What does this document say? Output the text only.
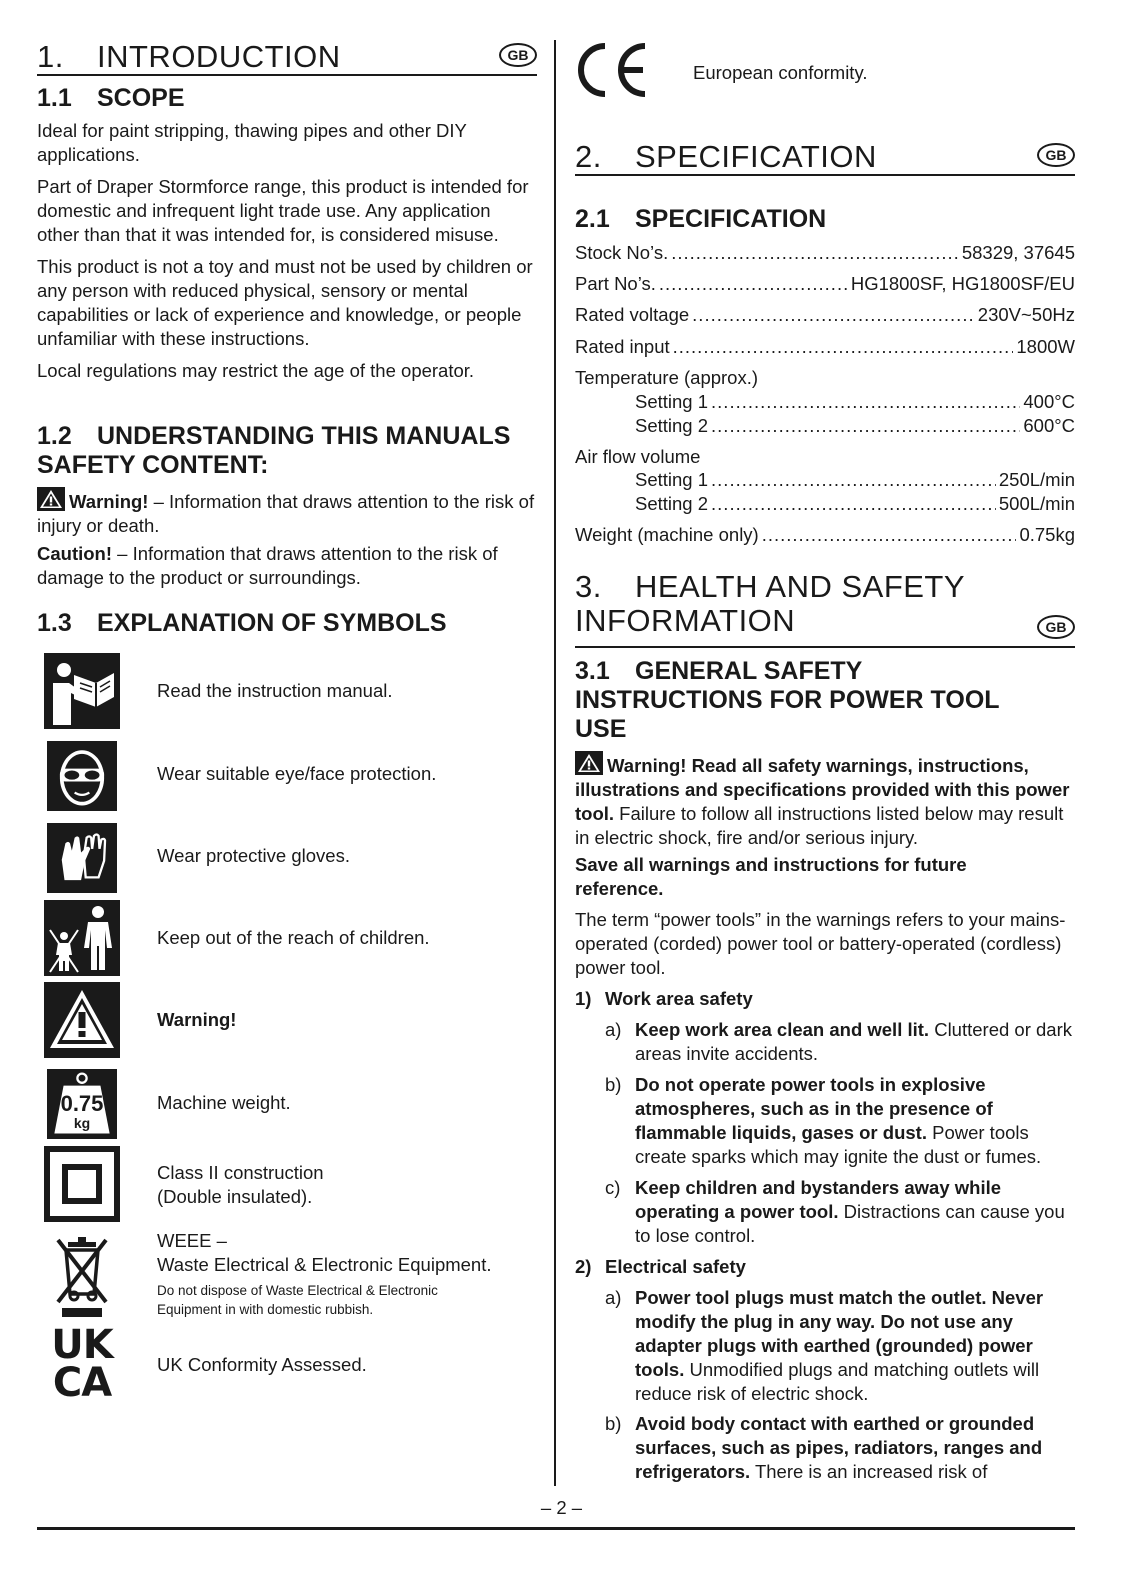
1. INTRODUCTION	GB
1.1 SCOPE

Ideal for paint stripping, thawing pipes and other DIY applications.

Part of Draper Stormforce range, this product is intended for domestic and infrequent light trade use. Any application other than that it was intended for, is considered misuse.

This product is not a toy and must not be used by children or any person with reduced physical, sensory or mental capabilities or lack of experience and knowledge, or people unfamiliar with these instructions.

Local regulations may restrict the age of the operator.

1.2 UNDERSTANDING THIS MANUALS
SAFETY CONTENT:

Warning! – Information that draws attention to the risk of injury or death.

Caution! – Information that draws attention to the risk of damage to the product or surroundings.

1.3 EXPLANATION OF SYMBOLS
Read the instruction manual.
Wear suitable eye/face protection.
Wear protective gloves.
Keep out of the reach of children.
Warning!
0.75
kg
Machine weight.
Class II construction
(Double insulated).
WEEE –
Waste Electrical & Electronic Equipment.
Do not dispose of Waste Electrical & Electronic Equipment in with domestic rubbish.
UK
CA UK Conformity Assessed.
European conformity.
2. SPECIFICATION	GB
2.1 SPECIFICATION
Stock No’s. .....	58329, 37645
Part No’s. .....	HG1800SF, HG1800SF/EU
Rated voltage .....	230V~50Hz
Rated input .....	1800W
Temperature (approx.)
Setting 1 .....	400°C
Setting 2 .....	600°C
Air flow volume
Setting 1 .....	250L/min
Setting 2 .....	500L/min
Weight (machine only) .....	0.75kg
3. HEALTH AND SAFETY
INFORMATION	GB
3.1 GENERAL SAFETY
INSTRUCTIONS FOR POWER TOOL
USE

Warning! Read all safety warnings, instructions, illustrations and specifications provided with this power tool. Failure to follow all instructions listed below may result in electric shock, fire and/or serious injury.

Save all warnings and instructions for future reference.

The term “power tools” in the warnings refers to your mains-operated (corded) power tool or battery-operated (cordless) power tool.

1) Work area safety
a) Keep work area clean and well lit. Cluttered or dark areas invite accidents.
b) Do not operate power tools in explosive atmospheres, such as in the presence of flammable liquids, gases or dust. Power tools create sparks which may ignite the dust or fumes.
c) Keep children and bystanders away while operating a power tool. Distractions can cause you to lose control.
2) Electrical safety
a) Power tool plugs must match the outlet. Never modify the plug in any way. Do not use any adapter plugs with earthed (grounded) power tools. Unmodified plugs and matching outlets will reduce risk of electric shock.
b) Avoid body contact with earthed or grounded surfaces, such as pipes, radiators, ranges and refrigerators. There is an increased risk of
– 2 –
